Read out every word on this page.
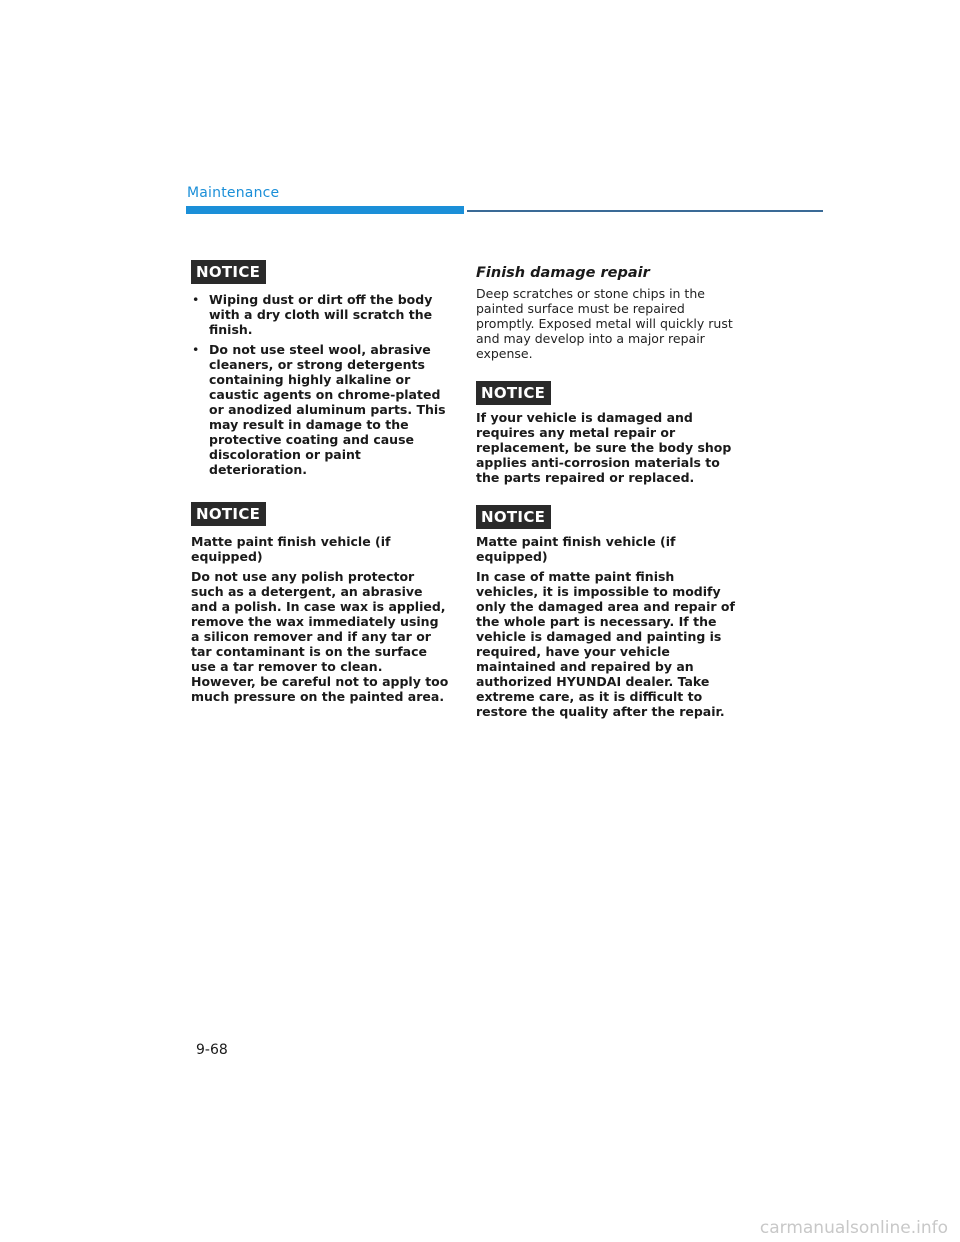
Maintenance
NOTICE
• Wiping dust or dirt off the body with a dry cloth will scratch the finish.
• Do not use steel wool, abrasive cleaners, or strong detergents containing highly alkaline or caustic agents on chrome-plated or anodized aluminum parts. This may result in damage to the protective coating and cause discoloration or paint deterioration.
NOTICE

Matte paint finish vehicle (if equipped)

Do not use any polish protector such as a detergent, an abrasive and a polish. In case wax is applied, remove the wax immediately using a silicon remover and if any tar or tar contaminant is on the surface use a tar remover to clean. However, be careful not to apply too much pressure on the painted area.

Finish damage repair

Deep scratches or stone chips in the painted surface must be repaired promptly. Exposed metal will quickly rust and may develop into a major repair expense.

NOTICE

If your vehicle is damaged and requires any metal repair or replacement, be sure the body shop applies anti-corrosion materials to the parts repaired or replaced.

NOTICE

Matte paint finish vehicle (if equipped)

In case of matte paint finish vehicles, it is impossible to modify only the damaged area and repair of the whole part is necessary. If the vehicle is damaged and painting is required, have your vehicle maintained and repaired by an authorized HYUNDAI dealer. Take extreme care, as it is difficult to restore the quality after the repair.

9-68
carmanualsonline.info
